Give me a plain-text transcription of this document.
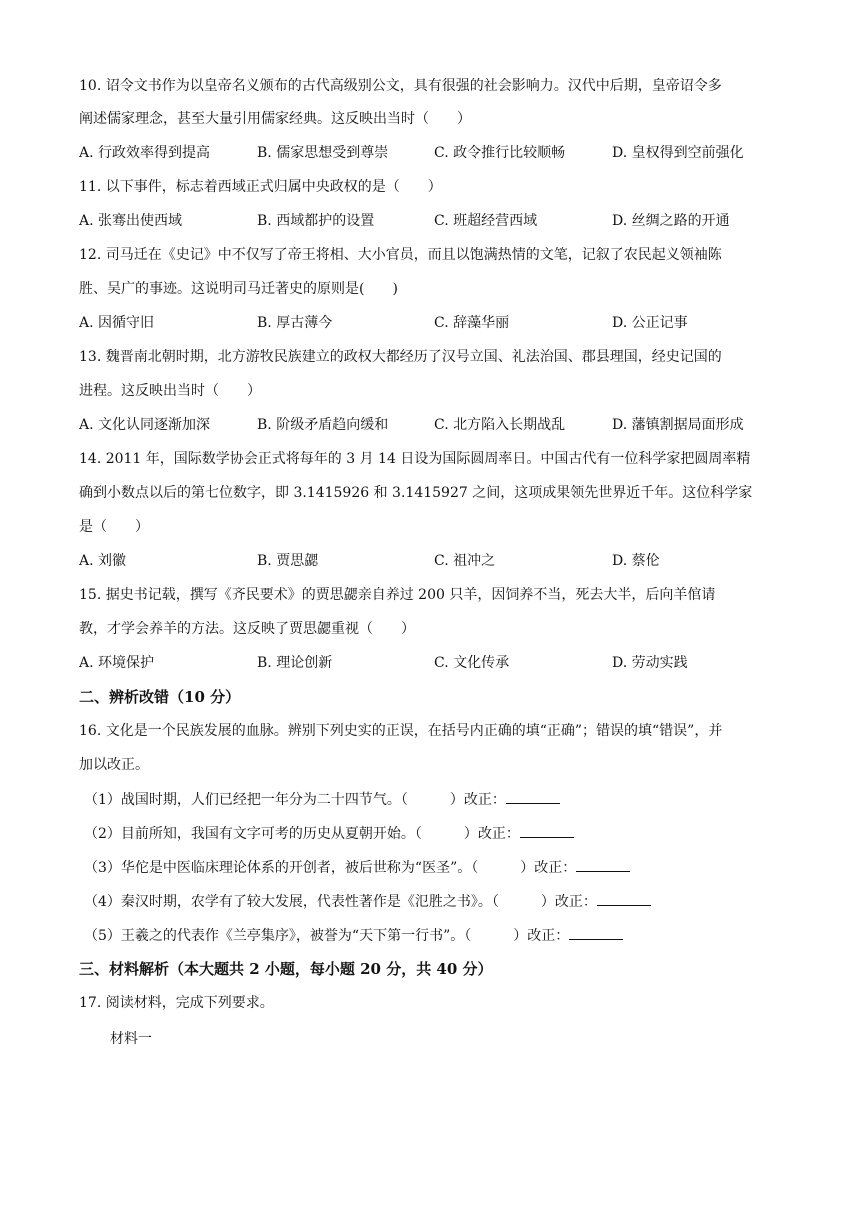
10. 诏令文书作为以皇帝名义颁布的古代高级别公文，具有很强的社会影响力。汉代中后期，皇帝诏令多
阐述儒家理念，甚至大量引用儒家经典。这反映出当时（　　）
A. 行政效率得到提高	B. 儒家思想受到尊崇	C. 政令推行比较顺畅	D. 皇权得到空前强化
11. 以下事件，标志着西域正式归属中央政权的是（　　）
A. 张骞出使西域	B. 西域都护的设置	C. 班超经营西域	D. 丝绸之路的开通
12. 司马迁在《史记》中不仅写了帝王将相、大小官员，而且以饱满热情的文笔，记叙了农民起义领袖陈
胜、吴广的事迹。这说明司马迁著史的原则是(　　)
A. 因循守旧	B. 厚古薄今	C. 辞藻华丽	D. 公正记事
13. 魏晋南北朝时期，北方游牧民族建立的政权大都经历了汉号立国、礼法治国、郡县理国，经史记国的
进程。这反映出当时（　　）
A. 文化认同逐渐加深	B. 阶级矛盾趋向缓和	C. 北方陷入长期战乱	D. 藩镇割据局面形成
14. 2011 年，国际数学协会正式将每年的 3 月 14 日设为国际圆周率日。中国古代有一位科学家把圆周率精
确到小数点以后的第七位数字，即 3.1415926 和 3.1415927 之间，这项成果领先世界近千年。这位科学家
是（　　）
A. 刘徽	B. 贾思勰	C. 祖冲之	D. 蔡伦
15. 据史书记载，撰写《齐民要术》的贾思勰亲自养过 200 只羊，因饲养不当，死去大半，后向羊倌请
教，才学会养羊的方法。这反映了贾思勰重视（　　）
A. 环境保护	B. 理论创新	C. 文化传承	D. 劳动实践
二、辨析改错（10 分）
16. 文化是一个民族发展的血脉。辨别下列史实的正误，在括号内正确的填“正确”；错误的填“错误”，并
加以改正。
（1）战国时期，人们已经把一年分为二十四节气。（　　　）改正：
（2）目前所知，我国有文字可考的历史从夏朝开始。（　　　）改正：
（3）华佗是中医临床理论体系的开创者，被后世称为“医圣”。（　　　）改正：
（4）秦汉时期，农学有了较大发展，代表性著作是《氾胜之书》。（　　　）改正：
（5）王羲之的代表作《兰亭集序》，被誉为“天下第一行书”。（　　　）改正：
三、材料解析（本大题共 2 小题，每小题 20 分，共 40 分）
17. 阅读材料，完成下列要求。
材料一
